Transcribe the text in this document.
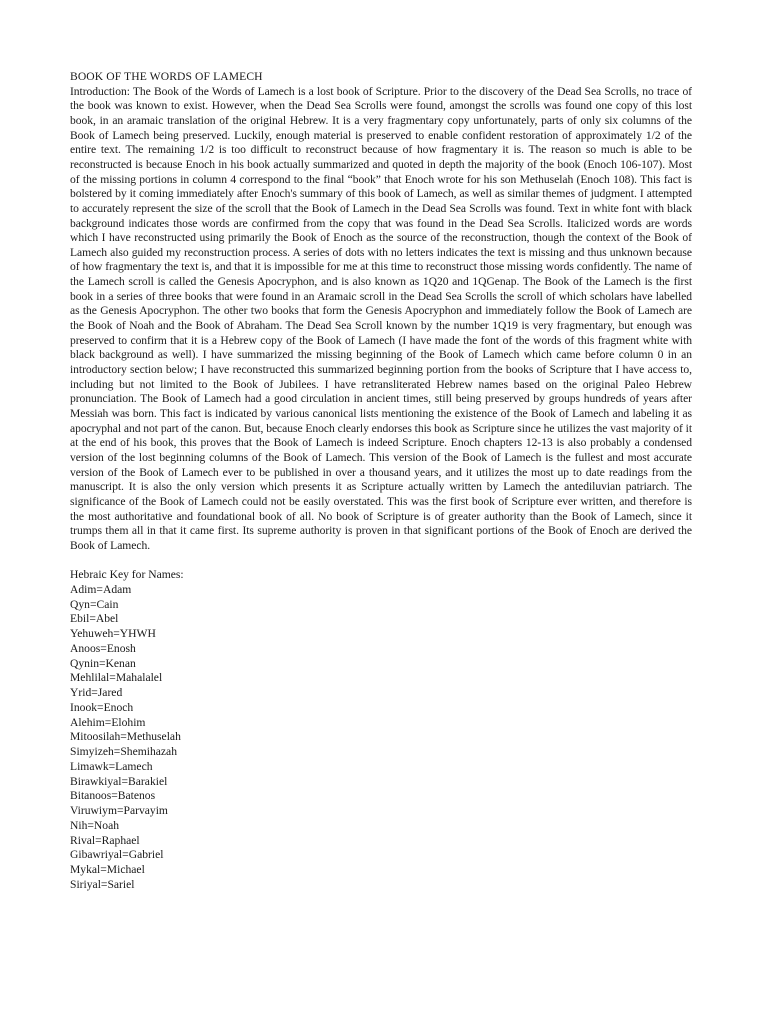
BOOK OF THE WORDS OF LAMECH

Introduction: The Book of the Words of Lamech is a lost book of Scripture. Prior to the discovery of the Dead Sea Scrolls, no trace of the book was known to exist. However, when the Dead Sea Scrolls were found, amongst the scrolls was found one copy of this lost book, in an aramaic translation of the original Hebrew. It is a very fragmentary copy unfortunately, parts of only six columns of the Book of Lamech being preserved. Luckily, enough material is preserved to enable confident restoration of approximately 1/2 of the entire text. The remaining 1/2 is too difficult to reconstruct because of how fragmentary it is. The reason so much is able to be reconstructed is because Enoch in his book actually summarized and quoted in depth the majority of the book (Enoch 106-107). Most of the missing portions in column 4 correspond to the final “book” that Enoch wrote for his son Methuselah (Enoch 108). This fact is bolstered by it coming immediately after Enoch's summary of this book of Lamech, as well as similar themes of judgment. I attempted to accurately represent the size of the scroll that the Book of Lamech in the Dead Sea Scrolls was found. Text in white font with black background indicates those words are confirmed from the copy that was found in the Dead Sea Scrolls. Italicized words are words which I have reconstructed using primarily the Book of Enoch as the source of the reconstruction, though the context of the Book of Lamech also guided my reconstruction process. A series of dots with no letters indicates the text is missing and thus unknown because of how fragmentary the text is, and that it is impossible for me at this time to reconstruct those missing words confidently. The name of the Lamech scroll is called the Genesis Apocryphon, and is also known as 1Q20 and 1QGenap. The Book of the Lamech is the first book in a series of three books that were found in an Aramaic scroll in the Dead Sea Scrolls the scroll of which scholars have labelled as the Genesis Apocryphon. The other two books that form the Genesis Apocryphon and immediately follow the Book of Lamech are the Book of Noah and the Book of Abraham. The Dead Sea Scroll known by the number 1Q19 is very fragmentary, but enough was preserved to confirm that it is a Hebrew copy of the Book of Lamech (I have made the font of the words of this fragment white with black background as well). I have summarized the missing beginning of the Book of Lamech which came before column 0 in an introductory section below; I have reconstructed this summarized beginning portion from the books of Scripture that I have access to, including but not limited to the Book of Jubilees. I have retransliterated Hebrew names based on the original Paleo Hebrew pronunciation. The Book of Lamech had a good circulation in ancient times, still being preserved by groups hundreds of years after Messiah was born. This fact is indicated by various canonical lists mentioning the existence of the Book of Lamech and labeling it as apocryphal and not part of the canon. But, because Enoch clearly endorses this book as Scripture since he utilizes the vast majority of it at the end of his book, this proves that the Book of Lamech is indeed Scripture. Enoch chapters 12-13 is also probably a condensed version of the lost beginning columns of the Book of Lamech. This version of the Book of Lamech is the fullest and most accurate version of the Book of Lamech ever to be published in over a thousand years, and it utilizes the most up to date readings from the manuscript. It is also the only version which presents it as Scripture actually written by Lamech the antediluvian patriarch. The significance of the Book of Lamech could not be easily overstated. This was the first book of Scripture ever written, and therefore is the most authoritative and foundational book of all. No book of Scripture is of greater authority than the Book of Lamech, since it trumps them all in that it came first. Its supreme authority is proven in that significant portions of the Book of Enoch are derived the Book of Lamech.

Hebraic Key for Names:

Adim=Adam
Qyn=Cain
Ebil=Abel
Yehuweh=YHWH
Anoos=Enosh
Qynin=Kenan
Mehlilal=Mahalalel
Yrid=Jared
Inook=Enoch
Alehim=Elohim
Mitoosilah=Methuselah
Simyizeh=Shemihazah
Limawk=Lamech
Birawkiyal=Barakiel
Bitanoos=Batenos
Viruwiym=Parvayim
Nih=Noah
Rival=Raphael
Gibawriyal=Gabriel
Mykal=Michael
Siriyal=Sariel
